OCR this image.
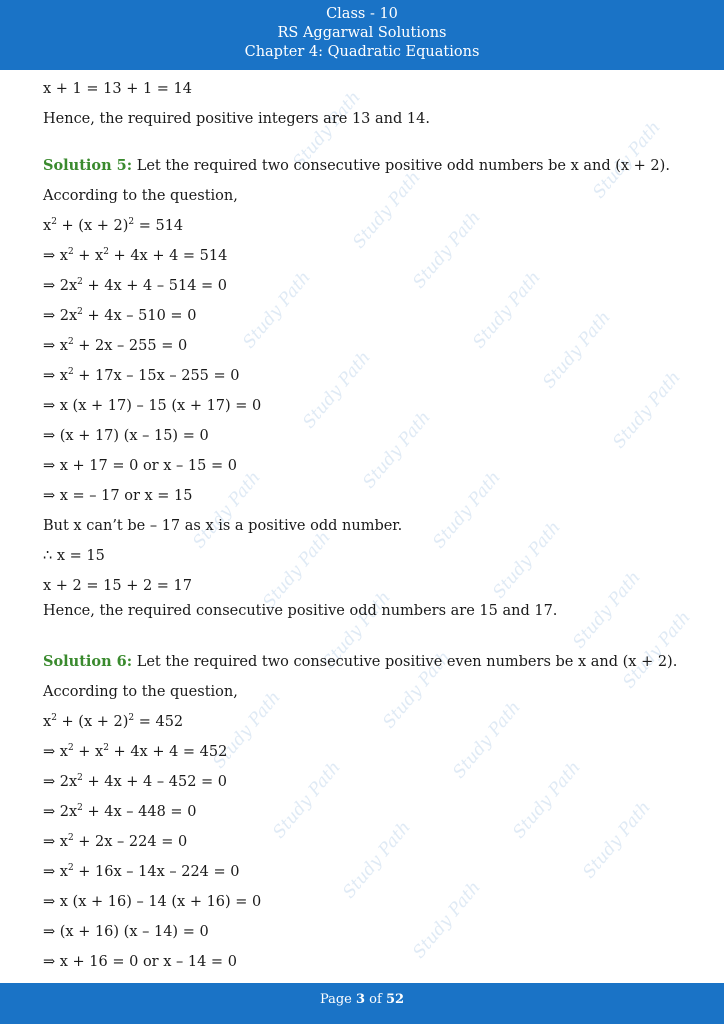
Class - 10
RS Aggarwal Solutions
Chapter 4: Quadratic Equations
Study Path	Study Path
Study Path
Study Path
Study Path
Study Path	Study Path
Study Path	Study Path
Study Path
Study Path
Study Path
Study Path
Study Path	Study Path
Study Path	Study Path
Study Path
Study Path
Study Path
Study Path
Study Path	Study Path
Study Path
Study Path
x + 1 = 13 + 1 = 14
Hence, the required positive integers are 13 and 14.
Solution 5: Let the required two consecutive positive odd numbers be x and (x + 2).
According to the question,
$x^2 + (x + 2)^2 = 514$
⇒ $x^2 + x^2 + 4x + 4 = 514$
⇒ $2x^2 + 4x + 4 - 514 = 0$
⇒ $2x^2 + 4x - 510 = 0$
⇒ $x^2 + 2x - 255 = 0$
⇒ $x^2 + 17x - 15x - 255 = 0$
⇒ x (x + 17) – 15 (x + 17) = 0
⇒ (x + 17) (x – 15) = 0
⇒ x + 17 = 0 or x – 15 = 0
⇒ x = – 17 or x = 15
But x can’t be – 17 as x is a positive odd number.
∴ x = 15
x + 2 = 15 + 2 = 17
Hence, the required consecutive positive odd numbers are 15 and 17.
Solution 6: Let the required two consecutive positive even numbers be x and (x + 2).
According to the question,
$x^2 + (x + 2)^2 = 452$
⇒ $x^2 + x^2 + 4x + 4 = 452$
⇒ $2x^2 + 4x + 4 - 452 = 0$
⇒ $2x^2 + 4x - 448 = 0$
⇒ $x^2 + 2x - 224 = 0$
⇒ $x^2 + 16x - 14x - 224 = 0$
⇒ x (x + 16) – 14 (x + 16) = 0
⇒ (x + 16) (x – 14) = 0
⇒ x + 16 = 0 or x – 14 = 0
Page 3 of 52
